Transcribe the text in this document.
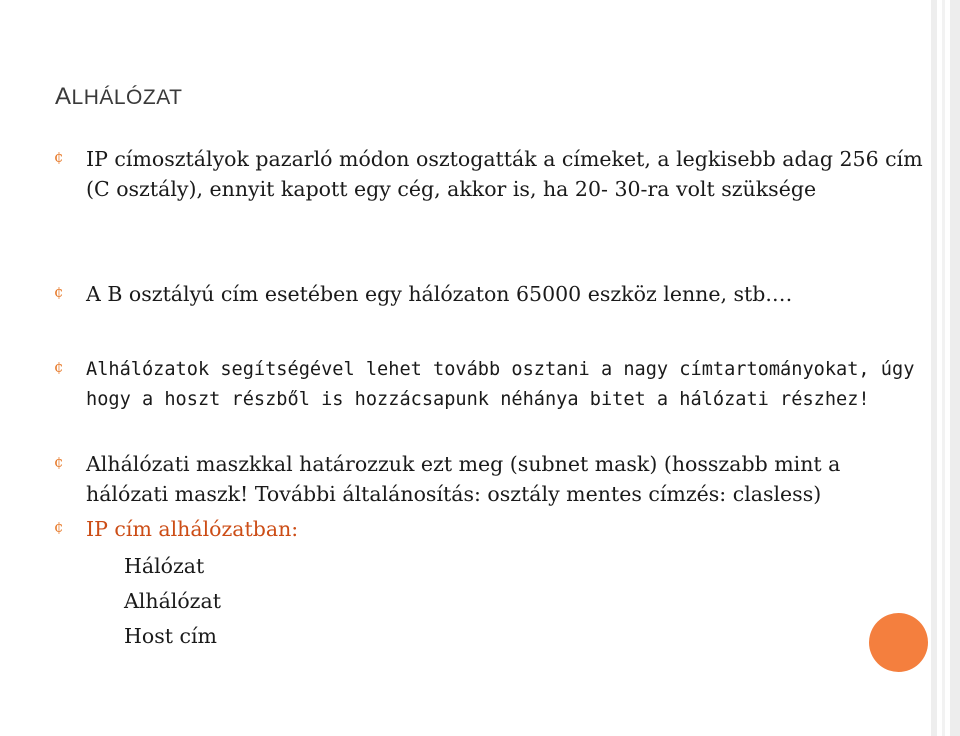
ALHÁLÓZAT
¢ IP címosztályok pazarló módon osztogatták a címeket, a legkisebb adag 256 cím (C osztály), ennyit kapott egy cég, akkor is, ha 20- 30-ra volt szüksége
¢ A B osztályú cím esetében egy hálózaton 65000 eszköz lenne, stb.…
¢ Alhálózatok segítségével lehet tovább osztani a nagy címtartományokat, úgy hogy a hoszt részből is hozzácsapunk néhánya bitet a hálózati részhez!
¢ Alhálózati maszkkal határozzuk ezt meg (subnet mask) (hosszabb mint a hálózati maszk! További általánosítás: osztály mentes címzés: clasless)
¢ IP cím alhálózatban:
Hálózat
Alhálózat
Host cím
